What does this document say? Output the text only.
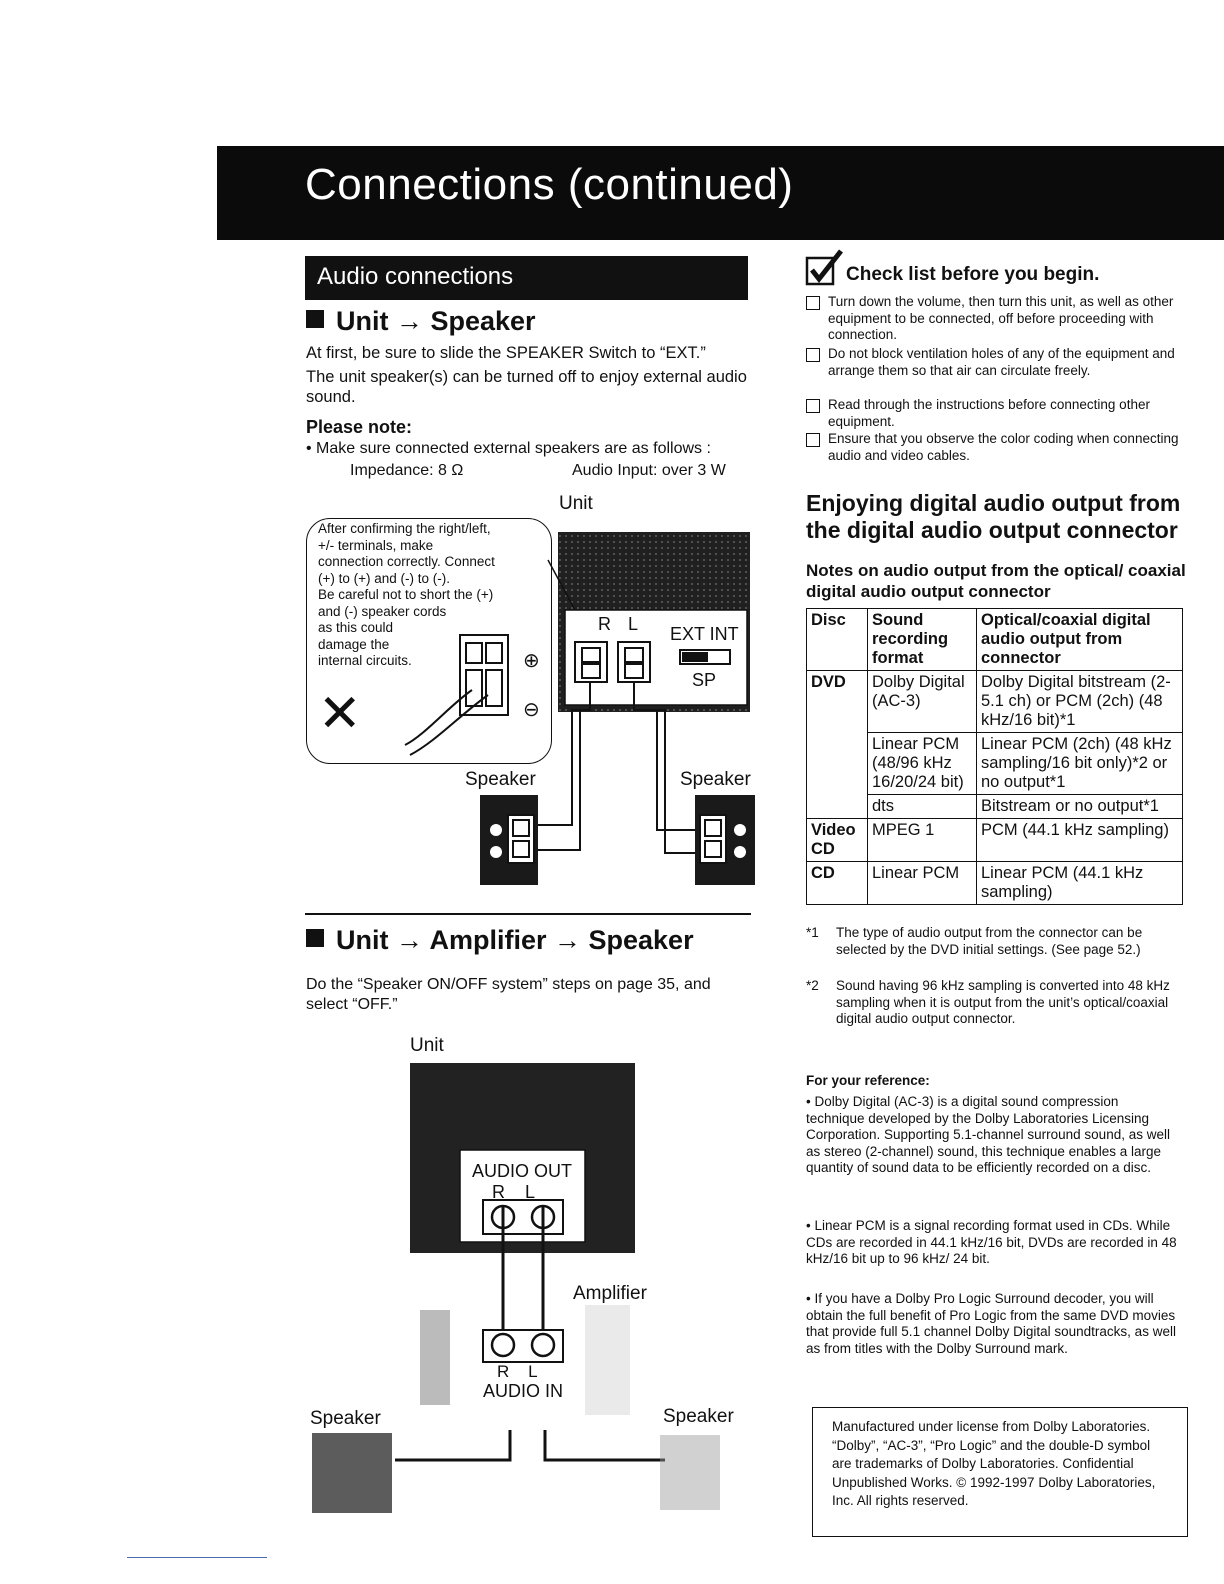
Connections (continued)
Audio connections
Unit → Speaker
At first, be sure to slide the SPEAKER Switch to “EXT.”
The unit speaker(s) can be turned off to enjoy external audio sound.
Please note:
• Make sure connected external speakers are as follows :
Impedance: 8 Ω	Audio Input: over 3 W
Unit
After confirming the right/left,
+/- terminals, make
connection correctly. Connect
(+) to (+) and (-) to (-).
Be careful not to short the (+)
and (-) speaker cords
as this could
damage the
internal circuits.
✕
⊕
⊖
R L EXT INT
SP
Speaker	Speaker
Unit → Amplifier → Speaker
Do the “Speaker ON/OFF system” steps on page 35, and select “OFF.”
Unit
AUDIO OUT
R    L
Amplifier
R    L
AUDIO IN
Speaker	Speaker
Check list before you begin.
Turn down the volume, then turn this unit, as well as other equipment to be connected, off before proceeding with connection.
Do not block ventilation holes of any of the equipment and arrange them so that air can circulate freely.
Read through the instructions before connecting other equipment.
Ensure that you observe the color coding when connecting audio and video cables.
Enjoying digital audio output from the digital audio output connector
Notes on audio output from the optical/ coaxial digital audio output connector
Disc	Sound recording format	Optical/coaxial digital audio output from connector
DVD	Dolby Digital (AC-3)	Dolby Digital bitstream (2-5.1 ch) or PCM (2ch) (48 kHz/16 bit)*1
	Linear PCM (48/96 kHz 16/20/24 bit)	Linear PCM (2ch) (48 kHz sampling/16 bit only)*2 or no output*1
	dts	Bitstream or no output*1
Video CD	MPEG 1	PCM (44.1 kHz sampling)
CD	Linear PCM	Linear PCM (44.1 kHz sampling)
*1 The type of audio output from the connector can be selected by the DVD initial settings. (See page 52.)
*2 Sound having 96 kHz sampling is converted into 48 kHz sampling when it is output from the unit’s optical/coaxial digital audio output connector.
For your reference:
• Dolby Digital (AC-3) is a digital sound compression technique developed by the Dolby Laboratories Licensing Corporation. Supporting 5.1-channel surround sound, as well as stereo (2-channel) sound, this technique enables a large quantity of sound data to be efficiently recorded on a disc.
• Linear PCM is a signal recording format used in CDs. While CDs are recorded in 44.1 kHz/16 bit, DVDs are recorded in 48 kHz/16 bit up to 96 kHz/ 24 bit.
• If you have a Dolby Pro Logic Surround decoder, you will obtain the full benefit of Pro Logic from the same DVD movies that provide full 5.1 channel Dolby Digital soundtracks, as well as from titles with the Dolby Surround mark.
Manufactured under license from Dolby Laboratories. “Dolby”, “AC-3”, “Pro Logic” and the double-D symbol are trademarks of Dolby Laboratories. Confidential Unpublished Works. © 1992-1997 Dolby Laboratories, Inc. All rights reserved.
